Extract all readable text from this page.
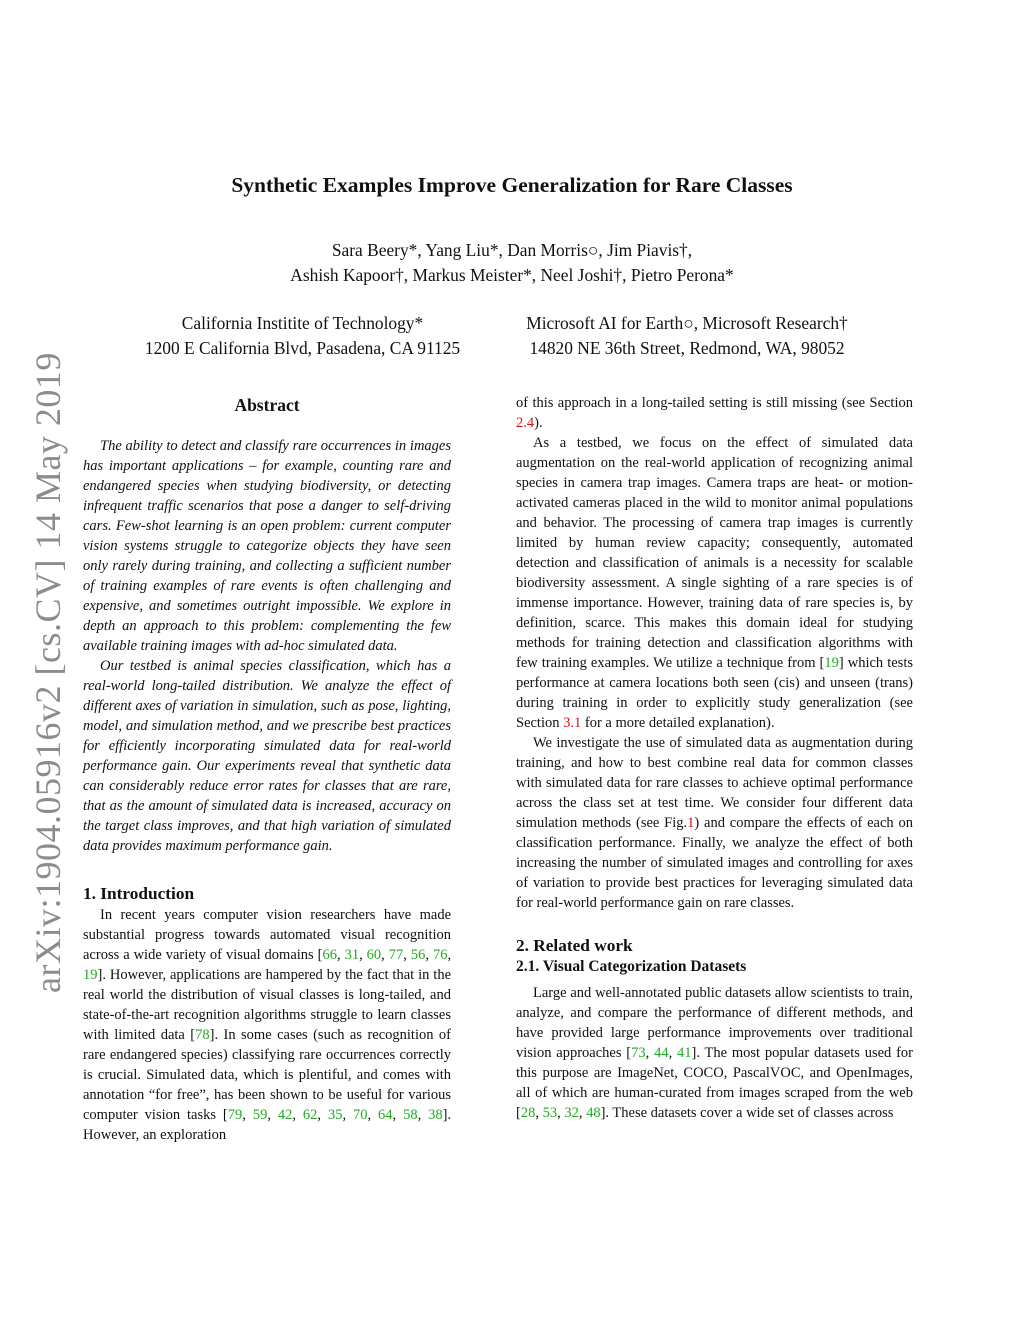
arXiv:1904.05916v2 [cs.CV] 14 May 2019
Synthetic Examples Improve Generalization for Rare Classes
Sara Beery*, Yang Liu*, Dan Morris○, Jim Piavis†,
Ashish Kapoor†, Markus Meister*, Neel Joshi†, Pietro Perona*
California Institite of Technology*
1200 E California Blvd, Pasadena, CA 91125
Microsoft AI for Earth○, Microsoft Research†
14820 NE 36th Street, Redmond, WA, 98052
Abstract

The ability to detect and classify rare occurrences in images has important applications – for example, counting rare and endangered species when studying biodiversity, or detecting infrequent traffic scenarios that pose a danger to self-driving cars. Few-shot learning is an open problem: current computer vision systems struggle to categorize objects they have seen only rarely during training, and collecting a sufficient number of training examples of rare events is often challenging and expensive, and sometimes outright impossible. We explore in depth an approach to this problem: complementing the few available training images with ad-hoc simulated data.

Our testbed is animal species classification, which has a real-world long-tailed distribution. We analyze the effect of different axes of variation in simulation, such as pose, lighting, model, and simulation method, and we prescribe best practices for efficiently incorporating simulated data for real-world performance gain. Our experiments reveal that synthetic data can considerably reduce error rates for classes that are rare, that as the amount of simulated data is increased, accuracy on the target class improves, and that high variation of simulated data provides maximum performance gain.

1. Introduction

In recent years computer vision researchers have made substantial progress towards automated visual recognition across a wide variety of visual domains [66, 31, 60, 77, 56, 76, 19]. However, applications are hampered by the fact that in the real world the distribution of visual classes is long-tailed, and state-of-the-art recognition algorithms struggle to learn classes with limited data [78]. In some cases (such as recognition of rare endangered species) classifying rare occurrences correctly is crucial. Simulated data, which is plentiful, and comes with annotation “for free”, has been shown to be useful for various computer vision tasks [79, 59, 42, 62, 35, 70, 64, 58, 38]. However, an exploration

of this approach in a long-tailed setting is still missing (see Section 2.4).

As a testbed, we focus on the effect of simulated data augmentation on the real-world application of recognizing animal species in camera trap images. Camera traps are heat- or motion-activated cameras placed in the wild to monitor animal populations and behavior. The processing of camera trap images is currently limited by human review capacity; consequently, automated detection and classification of animals is a necessity for scalable biodiversity assessment. A single sighting of a rare species is of immense importance. However, training data of rare species is, by definition, scarce. This makes this domain ideal for studying methods for training detection and classification algorithms with few training examples. We utilize a technique from [19] which tests performance at camera locations both seen (cis) and unseen (trans) during training in order to explicitly study generalization (see Section 3.1 for a more detailed explanation).

We investigate the use of simulated data as augmentation during training, and how to best combine real data for common classes with simulated data for rare classes to achieve optimal performance across the class set at test time. We consider four different data simulation methods (see Fig.1) and compare the effects of each on classification performance. Finally, we analyze the effect of both increasing the number of simulated images and controlling for axes of variation to provide best practices for leveraging simulated data for real-world performance gain on rare classes.

2. Related work
2.1. Visual Categorization Datasets

Large and well-annotated public datasets allow scientists to train, analyze, and compare the performance of different methods, and have provided large performance improvements over traditional vision approaches [73, 44, 41]. The most popular datasets used for this purpose are ImageNet, COCO, PascalVOC, and OpenImages, all of which are human-curated from images scraped from the web [28, 53, 32, 48]. These datasets cover a wide set of classes across
